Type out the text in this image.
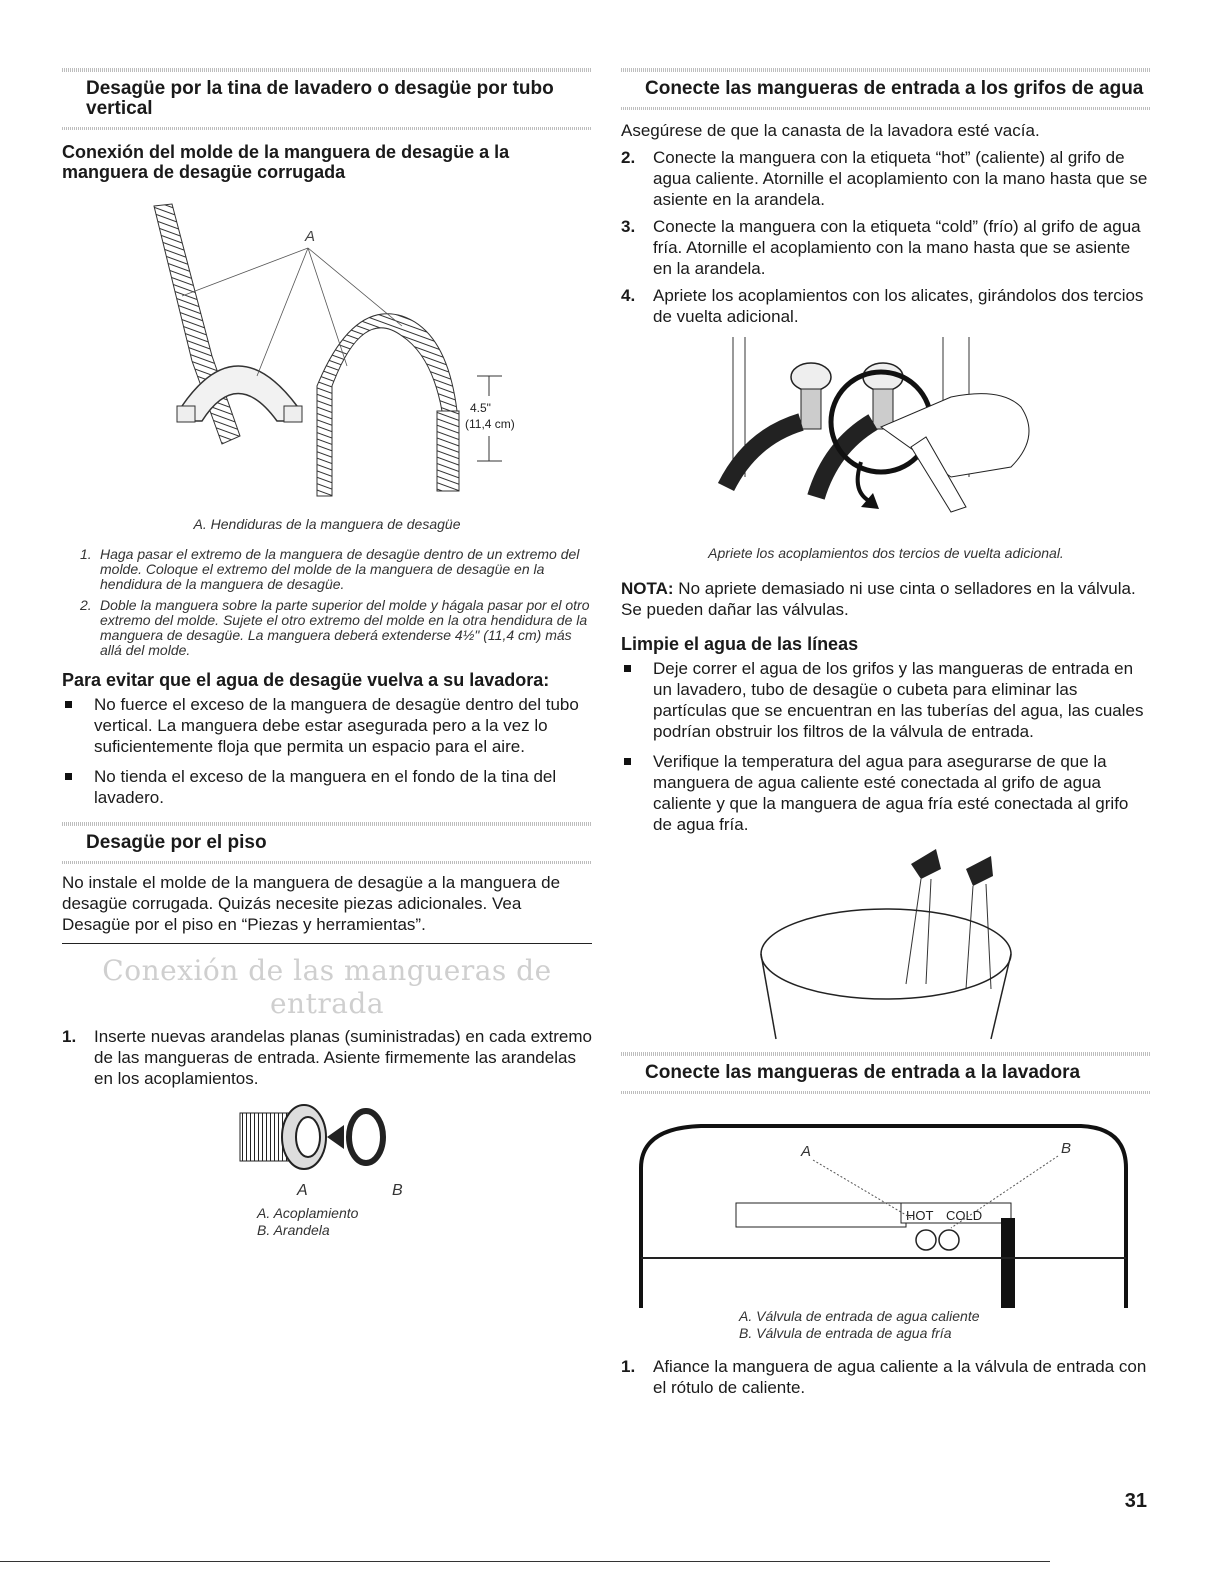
Desagüe por la tina de lavadero o desagüe por tubo vertical
Conexión del molde de la manguera de desagüe a la manguera de desagüe corrugada
A
4.5"
(11,4 cm)
A. Hendiduras de la manguera de desagüe
1. Haga pasar el extremo de la manguera de desagüe dentro de un extremo del molde. Coloque el extremo del molde de la manguera de desagüe en la hendidura de la manguera de desagüe.
2. Doble la manguera sobre la parte superior del molde y hágala pasar por el otro extremo del molde. Sujete el otro extremo del molde en la otra hendidura de la manguera de desagüe. La manguera deberá extenderse 4½" (11,4 cm) más allá del molde.
Para evitar que el agua de desagüe vuelva a su lavadora:
No fuerce el exceso de la manguera de desagüe dentro del tubo vertical. La manguera debe estar asegurada pero a la vez lo suficientemente floja que permita un espacio para el aire.
No tienda el exceso de la manguera en el fondo de la tina del lavadero.
Desagüe por el piso

No instale el molde de la manguera de desagüe a la manguera de desagüe corrugada. Quizás necesite piezas adicionales. Vea Desagüe por el piso en “Piezas y herramientas”.

Conexión de las mangueras de entrada
1. Inserte nuevas arandelas planas (suministradas) en cada extremo de las mangueras de entrada. Asiente firmemente las arandelas en los acoplamientos.
A	B
A. Acoplamiento
B. Arandela
Conecte las mangueras de entrada a los grifos de agua

Asegúrese de que la canasta de la lavadora esté vacía.

2. Conecte la manguera con la etiqueta “hot” (caliente) al grifo de agua caliente. Atornille el acoplamiento con la mano hasta que se asiente en la arandela.
3. Conecte la manguera con la etiqueta “cold” (frío) al grifo de agua fría. Atornille el acoplamiento con la mano hasta que se asiente en la arandela.
4. Apriete los acoplamientos con los alicates, girándolos dos tercios de vuelta adicional.
Apriete los acoplamientos dos tercios de vuelta adicional.

NOTA: No apriete demasiado ni use cinta o selladores en la válvula. Se pueden dañar las válvulas.

Limpie el agua de las líneas
Deje correr el agua de los grifos y las mangueras de entrada en un lavadero, tubo de desagüe o cubeta para eliminar las partículas que se encuentran en las tuberías del agua, las cuales podrían obstruir los filtros de la válvula de entrada.
Verifique la temperatura del agua para asegurarse de que la manguera de agua caliente esté conectada al grifo de agua caliente y que la manguera de agua fría esté conectada al grifo de agua fría.
Conecte las mangueras de entrada a la lavadora
HOT COLD
A	B
A. Válvula de entrada de agua caliente
B. Válvula de entrada de agua fría
1. Afiance la manguera de agua caliente a la válvula de entrada con el rótulo de caliente.
31
